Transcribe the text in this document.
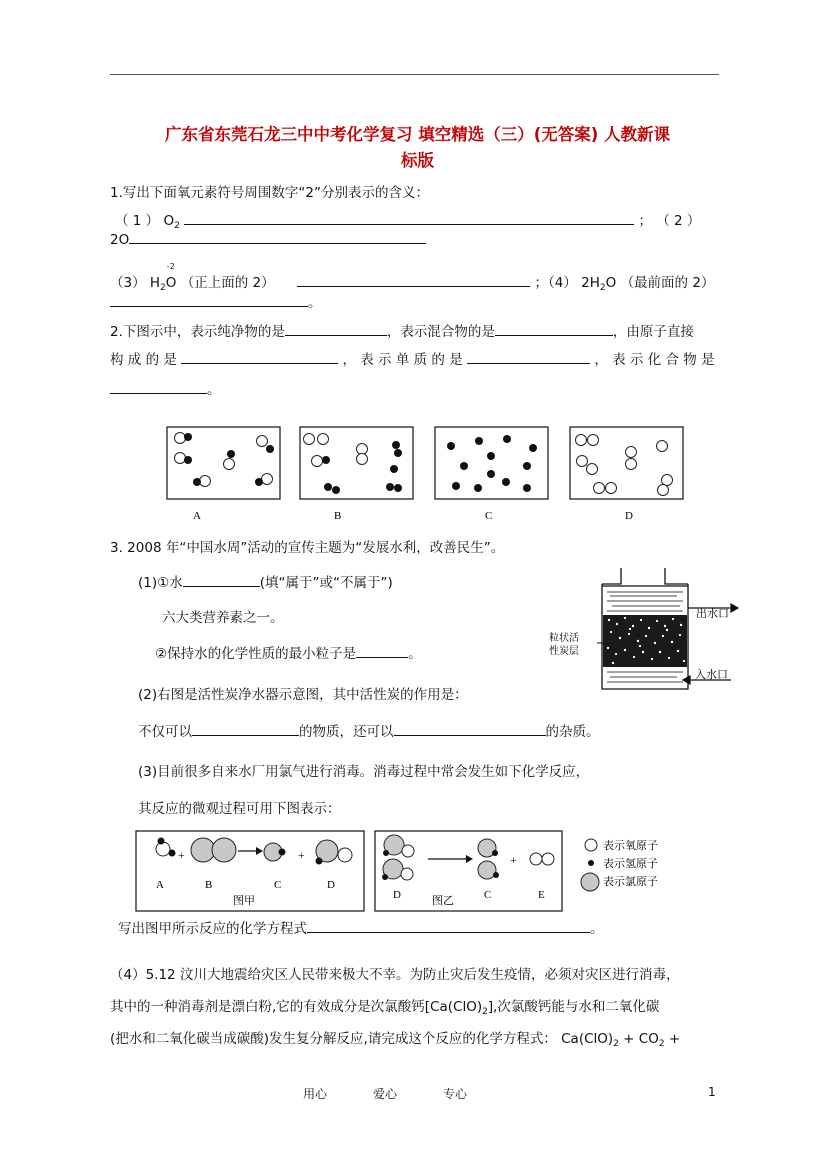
广东省东莞石龙三中中考化学复习 填空精选（三）(无答案) 人教新课
标版
1.写出下面氧元素符号周围数字“2”分别表示的含义：
（ 1 ） $O_2$	； （ 2 ）
2O
（3） $H_2$
-2
O （正上面的 2）	；（4） $2H_2O$ （最前面的 2）
。
2.下图示中，表示纯净物的是	，表示混合物的是	，由原子直接
构 成 的 是	， 表 示 单 质 的 是	， 表 示 化 合 物 是
。
A	B	C	D
3. 2008 年“中国水周”活动的宣传主题为“发展水利，改善民生”。
(1)①水	(填“属于”或“不属于”)
六大类营养素之一。
②保持水的化学性质的最小粒子是	。
出水口
入水口
粒状活
性炭层
(2)右图是活性炭净水器示意图，其中活性炭的作用是：
不仅可以	的物质，还可以	的杂质。
(3)目前很多自来水厂用氯气进行消毒。消毒过程中常会发生如下化学反应，
其反应的微观过程可用下图表示：
+	+
A	B	C	D
图甲
+
D	C	E
图乙
表示氧原子
表示氢原子
表示氯原子
写出图甲所示反应的化学方程式	。
（4）5.12 汶川大地震给灾区人民带来极大不幸。为防止灾后发生疫情，必须对灾区进行消毒，
其中的一种消毒剂是漂白粉,它的有效成分是次氯酸钙$[Ca(ClO)_2]$,次氯酸钙能与水和二氧化碳
(把水和二氧化碳当成碳酸)发生复分解反应,请完成这个反应的化学方程式： $Ca(ClO)_2 + CO_2$ +
用心	爱心	专心	1
